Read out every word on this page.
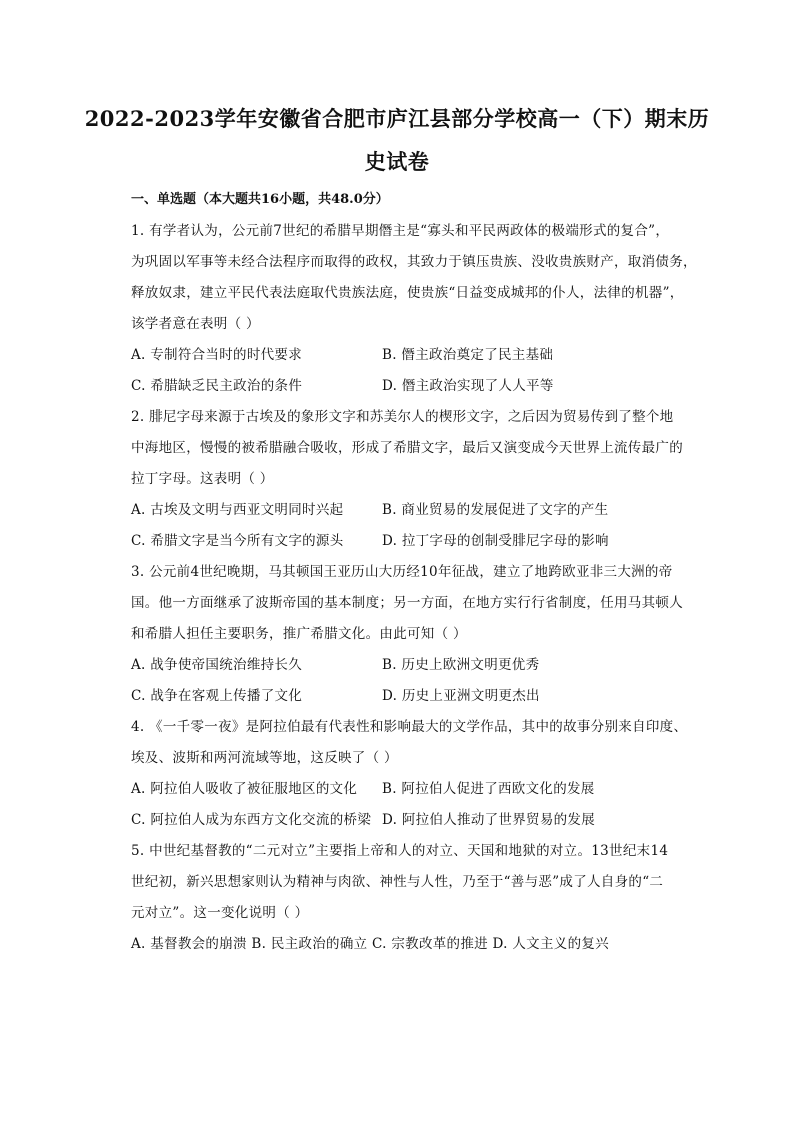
2022-2023学年安徽省合肥市庐江县部分学校高一（下）期末历
史试卷
一、单选题（本大题共16小题，共48.0分）
1. 有学者认为，公元前7世纪的希腊早期僭主是“寡头和平民两政体的极端形式的复合”，
为巩固以军事等未经合法程序而取得的政权，其致力于镇压贵族、没收贵族财产，取消债务，
释放奴隶，建立平民代表法庭取代贵族法庭，使贵族“日益变成城邦的仆人，法律的机器”，
该学者意在表明（ ）
A. 专制符合当时的时代要求	B. 僭主政治奠定了民主基础
C. 希腊缺乏民主政治的条件	D. 僭主政治实现了人人平等
2. 腓尼字母来源于古埃及的象形文字和苏美尔人的楔形文字，之后因为贸易传到了整个地
中海地区，慢慢的被希腊融合吸收，形成了希腊文字，最后又演变成今天世界上流传最广的
拉丁字母。这表明（ ）
A. 古埃及文明与西亚文明同时兴起	B. 商业贸易的发展促进了文字的产生
C. 希腊文字是当今所有文字的源头	D. 拉丁字母的创制受腓尼字母的影响
3. 公元前4世纪晚期，马其顿国王亚历山大历经10年征战，建立了地跨欧亚非三大洲的帝
国。他一方面继承了波斯帝国的基本制度；另一方面，在地方实行行省制度，任用马其顿人
和希腊人担任主要职务，推广希腊文化。由此可知（ ）
A. 战争使帝国统治维持长久	B. 历史上欧洲文明更优秀
C. 战争在客观上传播了文化	D. 历史上亚洲文明更杰出
4. 《一千零一夜》是阿拉伯最有代表性和影响最大的文学作品，其中的故事分别来自印度、
埃及、波斯和两河流域等地，这反映了（ ）
A. 阿拉伯人吸收了被征服地区的文化 B. 阿拉伯人促进了西欧文化的发展
C. 阿拉伯人成为东西方文化交流的桥梁 D. 阿拉伯人推动了世界贸易的发展
5. 中世纪基督教的“二元对立”主要指上帝和人的对立、天国和地狱的对立。13世纪末14
世纪初，新兴思想家则认为精神与肉欲、神性与人性，乃至于“善与恶”成了人自身的“二
元对立”。这一变化说明（ ）
A. 基督教会的崩溃 B. 民主政治的确立 C. 宗教改革的推进 D. 人文主义的复兴
